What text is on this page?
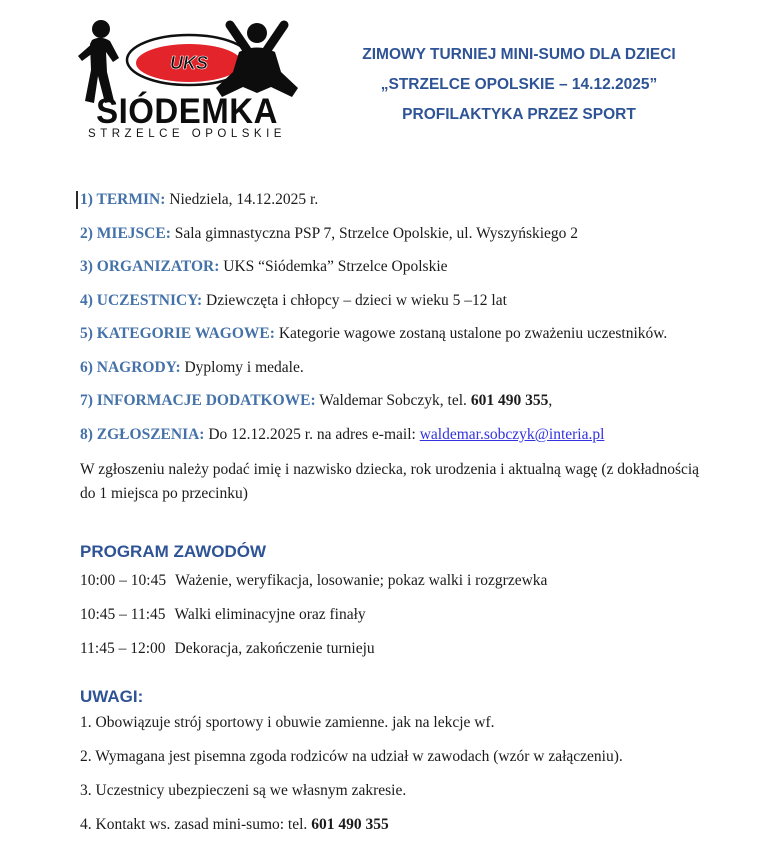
UKS
SIÓDEMKA
STRZELCE OPOLSKIE
ZIMOWY TURNIEJ MINI-SUMO DLA DZIECI
„STRZELCE OPOLSKIE – 14.12.2025”
PROFILAKTYKA PRZEZ SPORT

1) TERMIN: Niedziela, 14.12.2025 r.

2) MIEJSCE: Sala gimnastyczna PSP 7, Strzelce Opolskie, ul. Wyszyńskiego 2

3) ORGANIZATOR: UKS “Siódemka” Strzelce Opolskie

4) UCZESTNICY: Dziewczęta i chłopcy – dzieci w wieku 5 –12 lat

5) KATEGORIE WAGOWE: Kategorie wagowe zostaną ustalone po zważeniu uczestników.

6) NAGRODY: Dyplomy i medale.

7) INFORMACJE DODATKOWE: Waldemar Sobczyk, tel. 601 490 355,

8) ZGŁOSZENIA: Do 12.12.2025 r. na adres e-mail: waldemar.sobczyk@interia.pl

W zgłoszeniu należy podać imię i nazwisko dziecka, rok urodzenia i aktualną wagę (z dokładnością do 1 miejsca po przecinku)

PROGRAM ZAWODÓW

10:00 – 10:45 Ważenie, weryfikacja, losowanie; pokaz walki i rozgrzewka

10:45 – 11:45 Walki eliminacyjne oraz finały

11:45 – 12:00 Dekoracja, zakończenie turnieju

UWAGI:

1. Obowiązuje strój sportowy i obuwie zamienne. jak na lekcje wf.

2. Wymagana jest pisemna zgoda rodziców na udział w zawodach (wzór w załączeniu).

3. Uczestnicy ubezpieczeni są we własnym zakresie.

4. Kontakt ws. zasad mini-sumo: tel. 601 490 355
